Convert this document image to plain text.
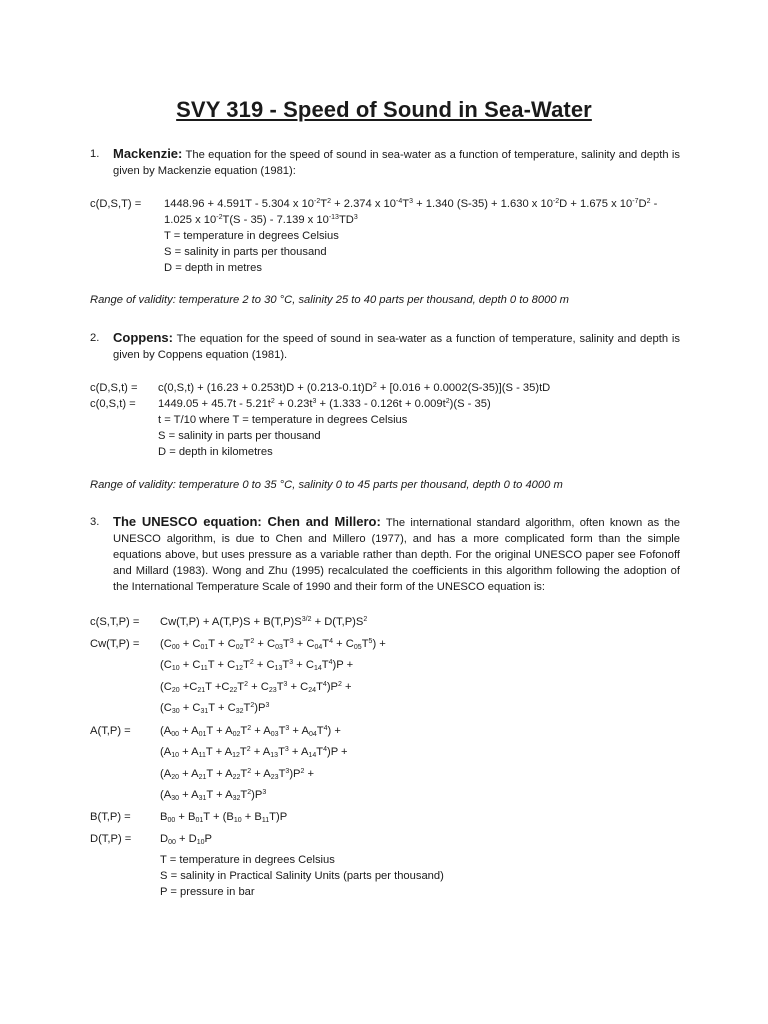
SVY 319 - Speed of Sound in Sea-Water
1.	Mackenzie: The equation for the speed of sound in sea-water as a function of temperature, salinity and depth is given by Mackenzie equation (1981):
c(D,S,T) =	1448.96 + 4.591T - 5.304 x $10^{-2}T^2 + 2.374$ x $10^{-4}T^3 + 1.340$ (S-35) + 1.630 x $10^{-2}D + 1.675$ x $10^{-7}D^2$ -
1.025 x $10^{-2}T(S - 35) - 7.139$ x $10^{-13}TD^3$
T = temperature in degrees Celsius
S = salinity in parts per thousand
D = depth in metres
Range of validity: temperature 2 to 30 °C, salinity 25 to 40 parts per thousand, depth 0 to 8000 m
2.	Coppens: The equation for the speed of sound in sea-water as a function of temperature, salinity and depth is given by Coppens equation (1981).
c(D,S,t) =	$c(0,S,t) + (16.23 + 0.253t)D + (0.213-0.1t)D^2 + [0.016 + 0.0002(S-35)](S - 35)tD$
c(0,S,t) =	$1449.05 + 45.7t - 5.21t^2 + 0.23t^3 + (1.333 - 0.126t + 0.009t^2)(S - 35)$
t = T/10 where T = temperature in degrees Celsius
S = salinity in parts per thousand
D = depth in kilometres
Range of validity: temperature 0 to 35 °C, salinity 0 to 45 parts per thousand, depth 0 to 4000 m
3.	The UNESCO equation: Chen and Millero: The international standard algorithm, often known as the UNESCO algorithm, is due to Chen and Millero (1977), and has a more complicated form than the simple equations above, but uses pressure as a variable rather than depth. For the original UNESCO paper see Fofonoff and Millard (1983). Wong and Zhu (1995) recalculated the coefficients in this algorithm following the adoption of the International Temperature Scale of 1990 and their form of the UNESCO equation is:
c(S,T,P) =	$Cw(T,P) + A(T,P)S + B(T,P)S^{3/2} + D(T,P)S^2$
Cw(T,P) =	$(C_{00} + C_{01}T + C_{02}T^2 + C_{03}T^3 + C_{04}T^4 + C_{05}T^5)$ +
$(C_{10} + C_{11}T + C_{12}T^2 + C_{13}T^3 + C_{14}T^4)P$ +
$(C_{20} +C_{21}T +C_{22}T^2 + C_{23}T^3 + C_{24}T^4)P^2$ +
$(C_{30} + C_{31}T + C_{32}T^2)P^3$
A(T,P) =	$(A_{00} + A_{01}T + A_{02}T^2 + A_{03}T^3 + A_{04}T^4)$ +
$(A_{10} + A_{11}T + A_{12}T^2 + A_{13}T^3 + A_{14}T^4)P$ +
$(A_{20} + A_{21}T + A_{22}T^2 + A_{23}T^3)P^2$ +
$(A_{30} + A_{31}T + A_{32}T^2)P^3$
B(T,P) =	$B_{00} + B_{01}T + (B_{10} + B_{11}T)P$
D(T,P) =	$D_{00} + D_{10}P$
T = temperature in degrees Celsius
S = salinity in Practical Salinity Units (parts per thousand)
P = pressure in bar
